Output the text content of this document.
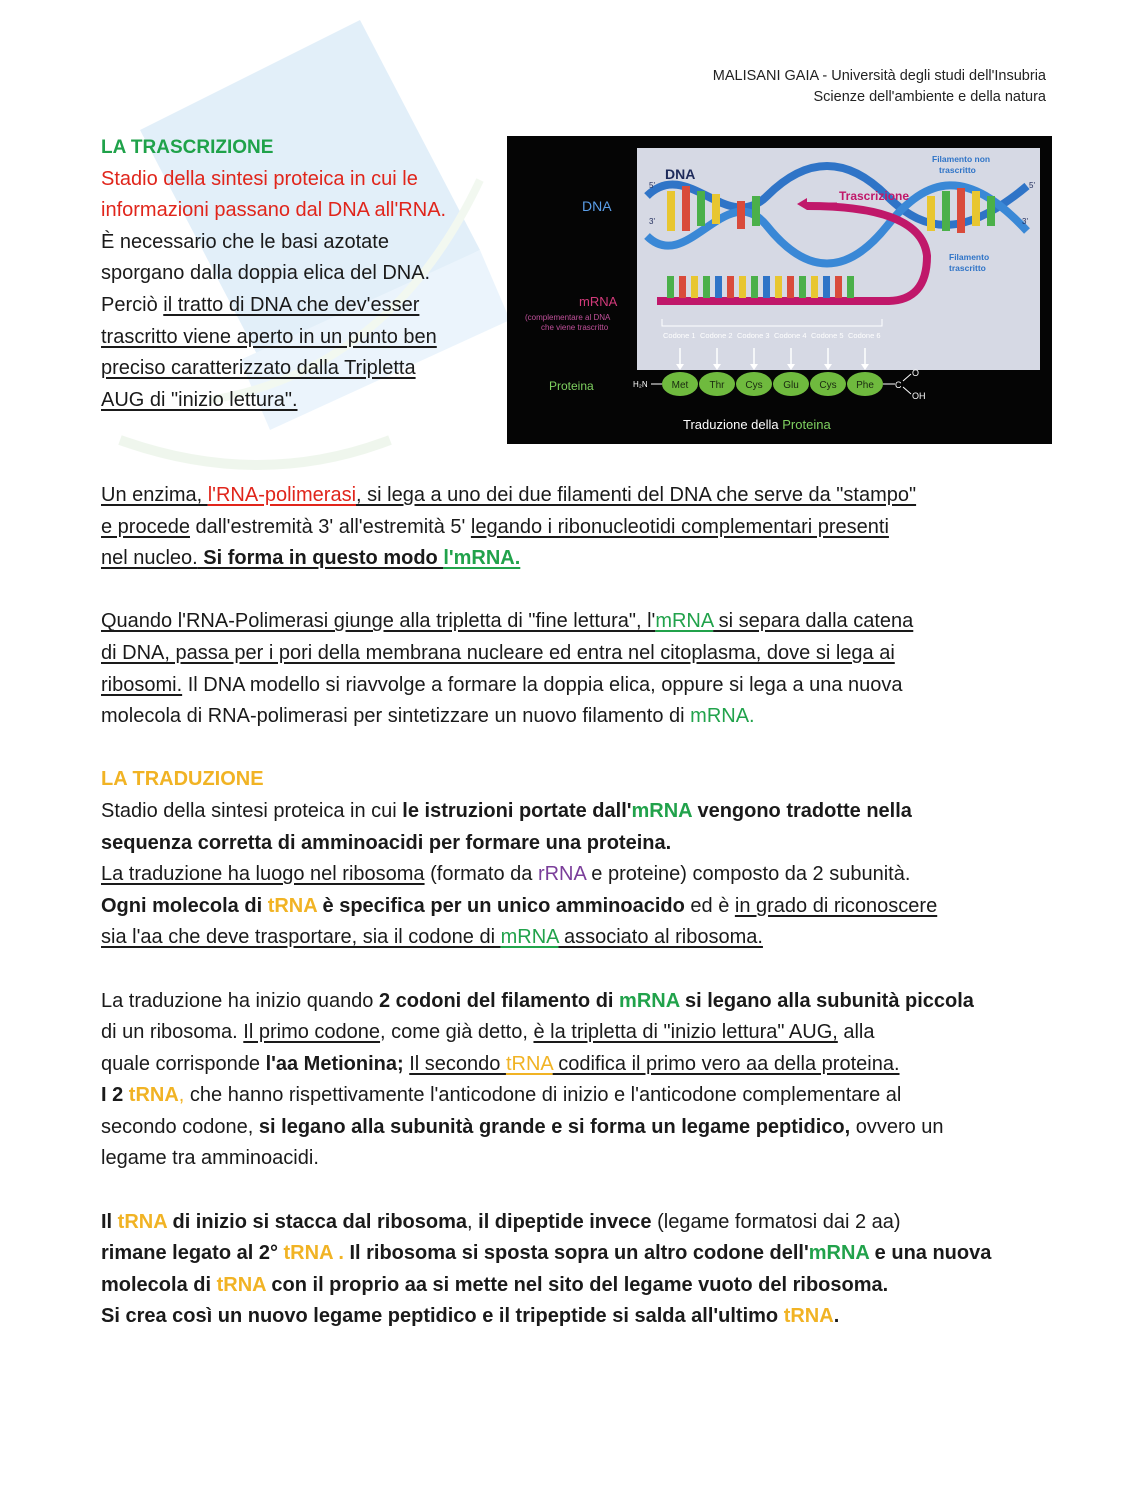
MALISANI GAIA - Università degli studi dell'Insubria
Scienze dell'ambiente e della natura
LA TRASCRIZIONE
Stadio della sintesi proteica in cui le
informazioni passano dal DNA all'RNA.
È necessario che le basi azotate
sporgano dalla doppia elica del DNA.
Perciò il tratto di DNA che dev'esser
trascritto viene aperto in un punto ben
preciso caratterizzato dalla Tripletta
AUG di "inizio lettura".
DNA
DNA
5'
3'
5'
3'
Filamento non
trascritto
Trascrizione
Filamento
trascritto
mRNA
(complementare al DNA
che viene trascritto
Codone 1 Codone 2 Codone 3 Codone 4 Codone 5 Codone 6
Proteina	H₂N Met Thr Cys Glu Cys Phe C
O
OH
Traduzione della Proteina

Un enzima, l'RNA-polimerasi, si lega a uno dei due filamenti del DNA che serve da "stampo"
e procede dall'estremità 3' all'estremità 5' legando i ribonucleotidi complementari presenti
nel nucleo. Si forma in questo modo l'mRNA.

Quando l'RNA-Polimerasi giunge alla tripletta di "fine lettura", l'mRNA si separa dalla catena
di DNA, passa per i pori della membrana nucleare ed entra nel citoplasma, dove si lega ai
ribosomi. Il DNA modello si riavvolge a formare la doppia elica, oppure si lega a una nuova
molecola di RNA-polimerasi per sintetizzare un nuovo filamento di mRNA.

LA TRADUZIONE
Stadio della sintesi proteica in cui le istruzioni portate dall'mRNA vengono tradotte nella
sequenza corretta di amminoacidi per formare una proteina.
La traduzione ha luogo nel ribosoma (formato da rRNA e proteine) composto da 2 subunità.
Ogni molecola di tRNA è specifica per un unico amminoacido ed è in grado di riconoscere
sia l'aa che deve trasportare, sia il codone di mRNA associato al ribosoma.

La traduzione ha inizio quando 2 codoni del filamento di mRNA si legano alla subunità piccola
di un ribosoma. Il primo codone, come già detto, è la tripletta di "inizio lettura" AUG, alla
quale corrisponde l'aa Metionina; Il secondo tRNA codifica il primo vero aa della proteina.
I 2 tRNA, che hanno rispettivamente l'anticodone di inizio e l'anticodone complementare al
secondo codone, si legano alla subunità grande e si forma un legame peptidico, ovvero un
legame tra amminoacidi.

Il tRNA di inizio si stacca dal ribosoma, il dipeptide invece (legame formatosi dai 2 aa)
rimane legato al 2° tRNA . Il ribosoma si sposta sopra un altro codone dell'mRNA e una nuova
molecola di tRNA con il proprio aa si mette nel sito del legame vuoto del ribosoma.
Si crea così un nuovo legame peptidico e il tripeptide si salda all'ultimo tRNA.
